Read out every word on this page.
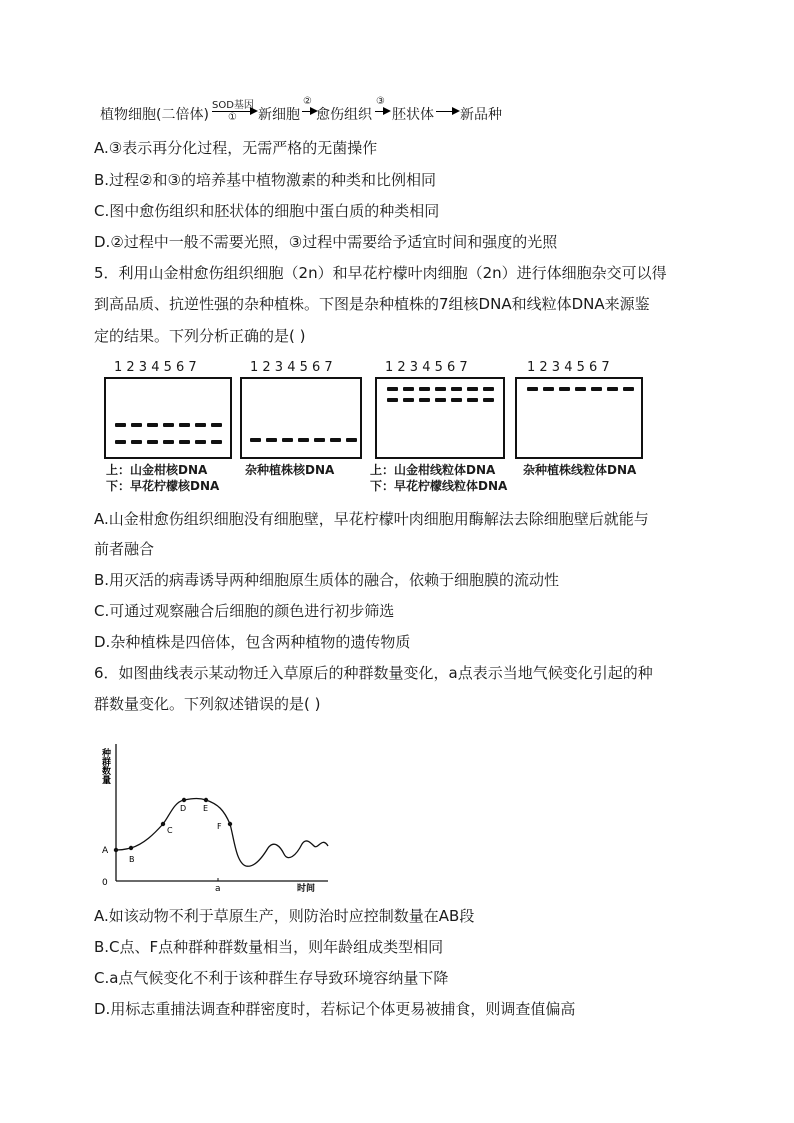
植物细胞(二倍体)
SOD基因
① 新细胞
②
愈伤组织
③
胚状体 新品种
A.③表示再分化过程，无需严格的无菌操作
B.过程②和③的培养基中植物激素的种类和比例相同
C.图中愈伤组织和胚状体的细胞中蛋白质的种类相同
D.②过程中一般不需要光照，③过程中需要给予适宜时间和强度的光照
5．利用山金柑愈伤组织细胞（2n）和早花柠檬叶肉细胞（2n）进行体细胞杂交可以得
到高品质、抗逆性强的杂种植株。下图是杂种植株的7组核DNA和线粒体DNA来源鉴
定的结果。下列分析正确的是( )
1 2 3 4 5 6 7
上：山金柑核DNA
下：早花柠檬核DNA
1 2 3 4 5 6 7
杂种植株核DNA
1 2 3 4 5 6 7
上：山金柑线粒体DNA
下：早花柠檬线粒体DNA
1 2 3 4 5 6 7
杂种植株线粒体DNA
A.山金柑愈伤组织细胞没有细胞壁，早花柠檬叶肉细胞用酶解法去除细胞壁后就能与
前者融合
B.用灭活的病毒诱导两种细胞原生质体的融合，依赖于细胞膜的流动性
C.可通过观察融合后细胞的颜色进行初步筛选
D.杂种植株是四倍体，包含两种植物的遗传物质
6．如图曲线表示某动物迁入草原后的种群数量变化，a点表示当地气候变化引起的种
群数量变化。下列叙述错误的是( )
种群数量
0
A
a	时间
B
C
D E
F
A.如该动物不利于草原生产，则防治时应控制数量在AB段
B.C点、F点种群种群数量相当，则年龄组成类型相同
C.a点气候变化不利于该种群生存导致环境容纳量下降
D.用标志重捕法调查种群密度时，若标记个体更易被捕食，则调查值偏高
